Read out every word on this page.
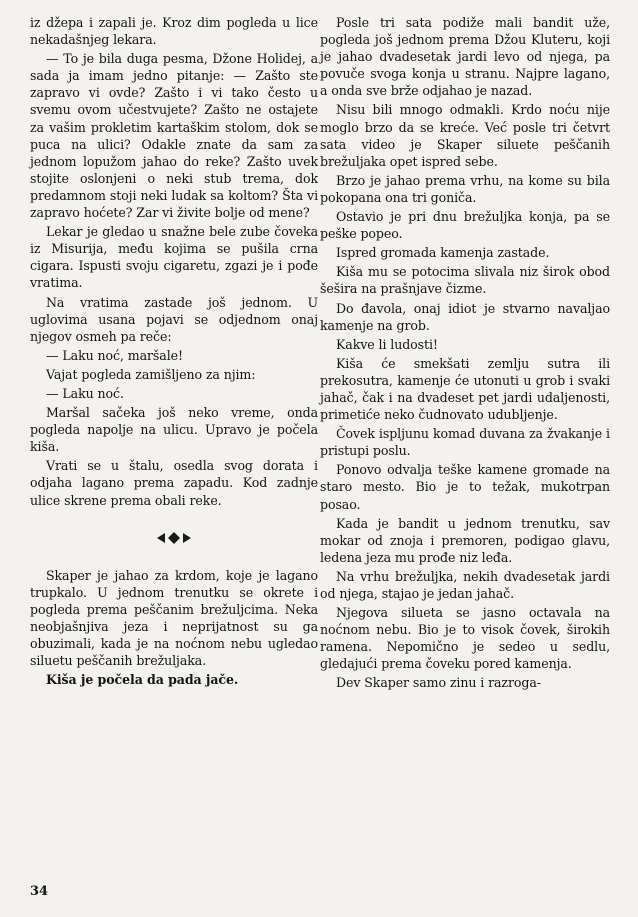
iz džepa i zapali je. Kroz dim pogleda u lice nekadašnjeg lekara.

— To je bila duga pesma, Džone Holidej, a sada ja imam jedno pitanje: — Zašto ste zapravo vi ovde? Zašto i vi tako često u svemu ovom učestvujete? Zašto ne ostajete za vašim prokletim kartaškim stolom, dok se puca na ulici? Odakle znate da sam za jednom lopužom jahao do reke? Zašto uvek stojite oslonjeni o neki stub trema, dok predamnom stoji neki ludak sa koltom? Šta vi zapravo hoćete? Zar vi živite bolje od mene?

Lekar je gledao u snažne bele zube čoveka iz Misurija, među kojima se pušila crna cigara. Ispusti svoju cigaretu, zgazi je i pođe vratima.

Na vratima zastade još jednom. U uglovima usana pojavi se odjednom onaj njegov osmeh pa reče:

— Laku noć, maršale!

Vajat pogleda zamišljeno za njim:

— Laku noć.

Maršal sačeka još neko vreme, onda pogleda napolje na ulicu. Upravo je počela kiša.

Vrati se u štalu, osedla svog dorata i odjaha lagano prema zapadu. Kod zadnje ulice skrene prema obali reke.

Skaper je jahao za krdom, koje je lagano trupkalo. U jednom trenutku se okrete i pogleda prema peščanim brežuljcima. Neka neobjašnjiva jeza i neprijatnost su ga obuzimali, kada je na noćnom nebu ugledao siluetu peščanih brežuljaka.

Kiša je počela da pada jače.

Posle tri sata podiže mali bandit uže, pogleda još jednom prema Džou Kluteru, koji je jahao dvadesetak jardi levo od njega, pa povuče svoga konja u stranu. Najpre lagano, a onda sve brže odjahao je nazad.

Nisu bili mnogo odmakli. Krdo noću nije moglo brzo da se kreće. Već posle tri četvrt sata video je Skaper siluete peščanih brežuljaka opet ispred sebe.

Brzo je jahao prema vrhu, na kome su bila pokopana ona tri goniča.

Ostavio je pri dnu brežuljka konja, pa se peške popeo.

Ispred gromada kamenja zastade.

Kiša mu se potocima slivala niz širok obod šešira na prašnjave čizme.

Do đavola, onaj idiot je stvarno navaljao kamenje na grob.

Kakve li ludosti!

Kiša će smekšati zemlju sutra ili prekosutra, kamenje će utonuti u grob i svaki jahač, čak i na dvadeset pet jardi udaljenosti, primetiće neko čudnovato udubljenje.

Čovek ispljunu komad duvana za žvakanje i pristupi poslu.

Ponovo odvalja teške kamene gromade na staro mesto. Bio je to težak, mukotrpan posao.

Kada je bandit u jednom trenutku, sav mokar od znoja i premoren, podigao glavu, ledena jeza mu prođe niz leđa.

Na vrhu brežuljka, nekih dvadesetak jardi od njega, stajao je jedan jahač.

Njegova silueta se jasno octavala na noćnom nebu. Bio je to visok čovek, širokih ramena. Nepomično je sedeo u sedlu, gledajući prema čoveku pored kamenja.

Dev Skaper samo zinu i razroga-

34
